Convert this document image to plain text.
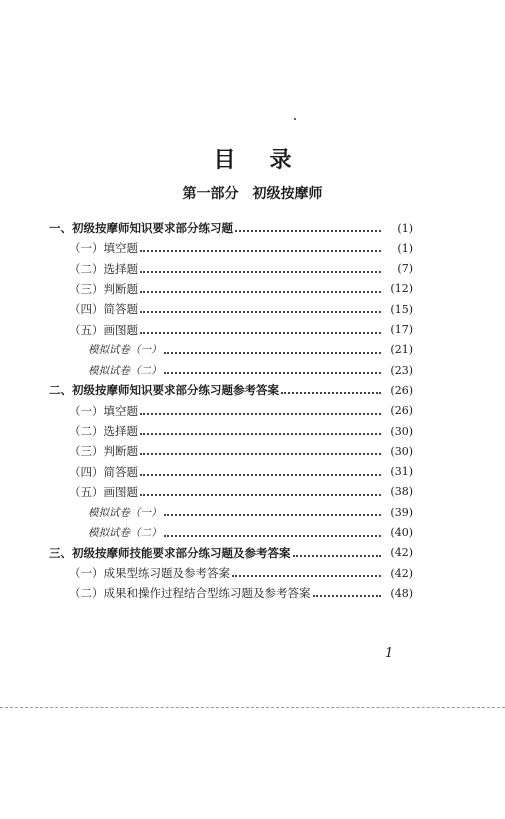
目 录
第一部分 初级按摩师
一、初级按摩师知识要求部分练习题	(1)
（一）填空题	(1)
（二）选择题	(7)
（三）判断题	(12)
（四）简答题	(15)
（五）画图题	(17)
模拟试卷（一）	(21)
模拟试卷（二）	(23)
二、初级按摩师知识要求部分练习题参考答案	(26)
（一）填空题	(26)
（二）选择题	(30)
（三）判断题	(30)
（四）简答题	(31)
（五）画图题	(38)
模拟试卷（一）	(39)
模拟试卷（二）	(40)
三、初级按摩师技能要求部分练习题及参考答案	(42)
（一）成果型练习题及参考答案	(42)
（二）成果和操作过程结合型练习题及参考答案	(48)
1
